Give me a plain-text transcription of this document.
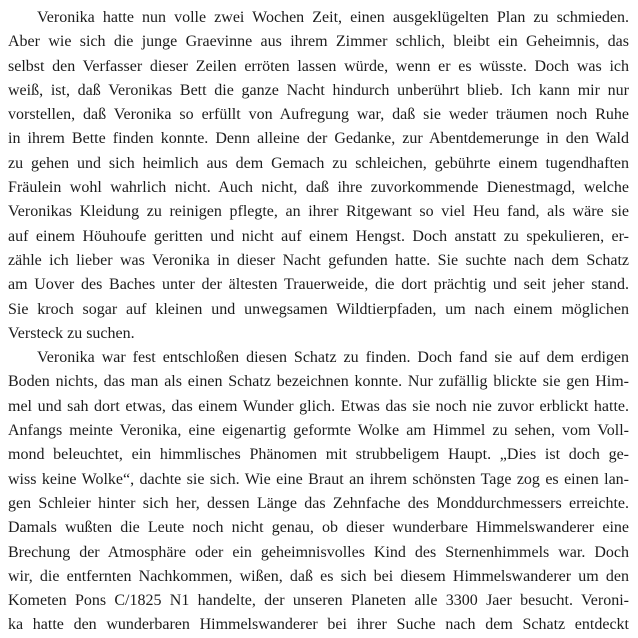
Veronika hatte nun volle zwei Wochen Zeit, einen ausgeklügelten Plan zu schmieden.
Aber wie sich die junge Graevinne aus ihrem Zimmer schlich, bleibt ein Geheimnis, das
selbst den Verfasser dieser Zeilen erröten lassen würde, wenn er es wüsste. Doch was ich
weiß, ist, daß Veronikas Bett die ganze Nacht hindurch unberührt blieb. Ich kann mir nur
vorstellen, daß Veronika so erfüllt von Aufregung war, daß sie weder träumen noch Ruhe
in ihrem Bette finden konnte. Denn alleine der Gedanke, zur Abentdemerunge in den Wald
zu gehen und sich heimlich aus dem Gemach zu schleichen, gebührte einem tugendhaften
Fräulein wohl wahrlich nicht. Auch nicht, daß ihre zuvorkommende Dienestmagd, welche
Veronikas Kleidung zu reinigen pflegte, an ihrer Ritgewant so viel Heu fand, als wäre sie
auf einem Höuhoufe geritten und nicht auf einem Hengst. Doch anstatt zu spekulieren, er-
zähle ich lieber was Veronika in dieser Nacht gefunden hatte. Sie suchte nach dem Schatz
am Uover des Baches unter der ältesten Trauerweide, die dort prächtig und seit jeher stand.
Sie kroch sogar auf kleinen und unwegsamen Wildtierpfaden, um nach einem möglichen
Versteck zu suchen.
Veronika war fest entschloßen diesen Schatz zu finden. Doch fand sie auf dem erdigen
Boden nichts, das man als einen Schatz bezeichnen konnte. Nur zufällig blickte sie gen Him-
mel und sah dort etwas, das einem Wunder glich. Etwas das sie noch nie zuvor erblickt hatte.
Anfangs meinte Veronika, eine eigenartig geformte Wolke am Himmel zu sehen, vom Voll-
mond beleuchtet, ein himmlisches Phänomen mit strubbeligem Haupt. „Dies ist doch ge-
wiss keine Wolke“, dachte sie sich. Wie eine Braut an ihrem schönsten Tage zog es einen lan-
gen Schleier hinter sich her, dessen Länge das Zehnfache des Monddurchmessers erreichte.
Damals wußten die Leute noch nicht genau, ob dieser wunderbare Himmelswanderer eine
Brechung der Atmosphäre oder ein geheimnisvolles Kind des Sternenhimmels war. Doch
wir, die entfernten Nachkommen, wißen, daß es sich bei diesem Himmelswanderer um den
Kometen Pons C/1825 N1 handelte, der unseren Planeten alle 3300 Jaer besucht. Veroni-
ka hatte den wunderbaren Himmelswanderer bei ihrer Suche nach dem Schatz entdeckt
